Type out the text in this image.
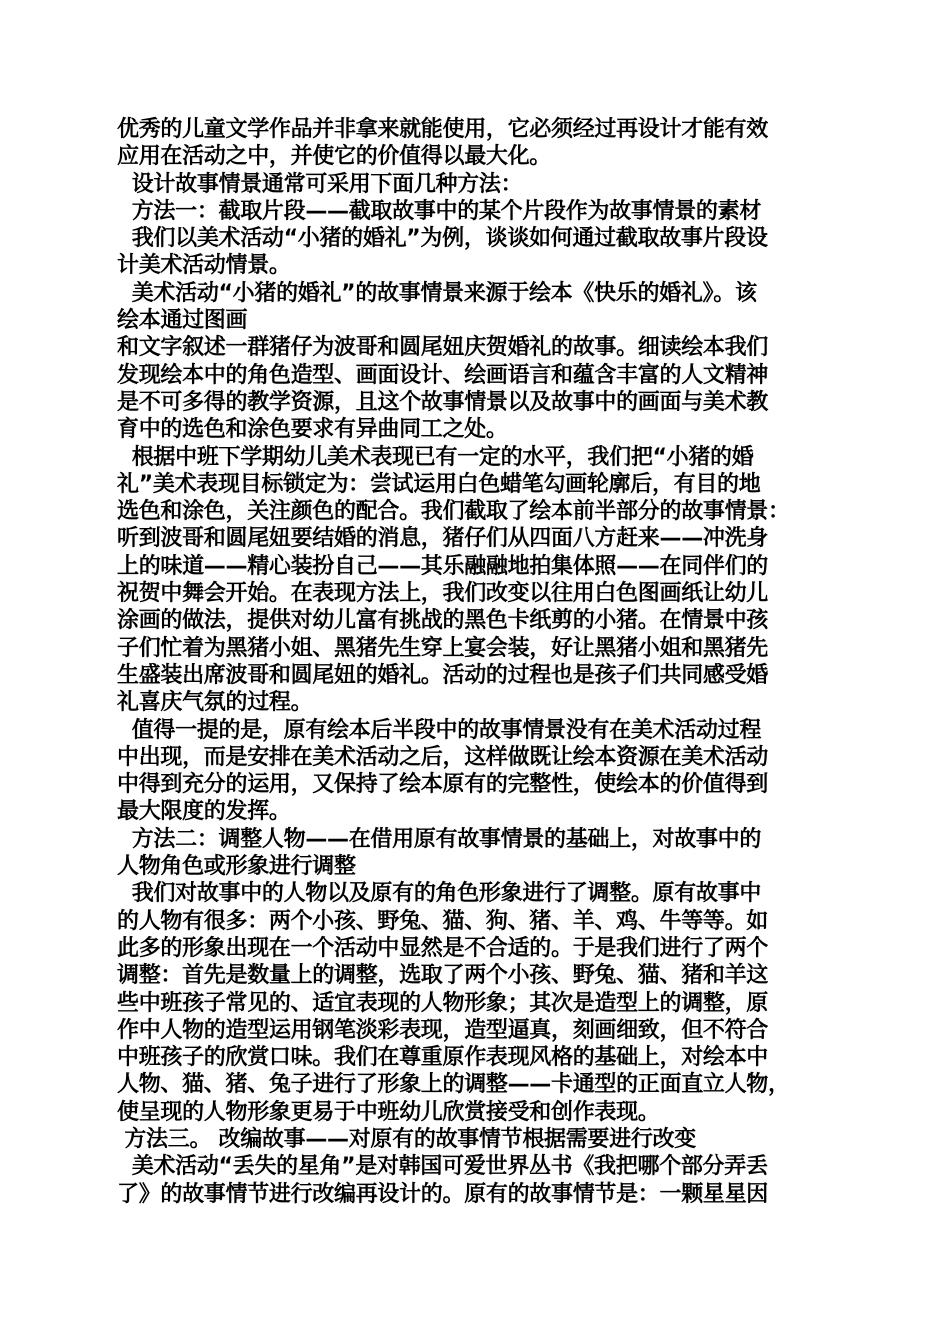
优秀的儿童文学作品并非拿来就能使用，它必须经过再设计才能有效

应用在活动之中，并使它的价值得以最大化。

设计故事情景通常可采用下面几种方法：

方法一：截取片段——截取故事中的某个片段作为故事情景的素材

我们以美术活动“小猪的婚礼”为例，谈谈如何通过截取故事片段设

计美术活动情景。

美术活动“小猪的婚礼”的故事情景来源于绘本《快乐的婚礼》。该

绘本通过图画

和文字叙述一群猪仔为波哥和圆尾妞庆贺婚礼的故事。细读绘本我们

发现绘本中的角色造型、画面设计、绘画语言和蕴含丰富的人文精神

是不可多得的教学资源，且这个故事情景以及故事中的画面与美术教

育中的选色和涂色要求有异曲同工之处。

根据中班下学期幼儿美术表现已有一定的水平，我们把“小猪的婚

礼”美术表现目标锁定为：尝试运用白色蜡笔勾画轮廓后，有目的地

选色和涂色，关注颜色的配合。我们截取了绘本前半部分的故事情景：

听到波哥和圆尾妞要结婚的消息，猪仔们从四面八方赶来——冲洗身

上的味道——精心装扮自己——其乐融融地拍集体照——在同伴们的

祝贺中舞会开始。在表现方法上，我们改变以往用白色图画纸让幼儿

涂画的做法，提供对幼儿富有挑战的黑色卡纸剪的小猪。在情景中孩

子们忙着为黑猪小姐、黑猪先生穿上宴会装，好让黑猪小姐和黑猪先

生盛装出席波哥和圆尾妞的婚礼。活动的过程也是孩子们共同感受婚

礼喜庆气氛的过程。

值得一提的是，原有绘本后半段中的故事情景没有在美术活动过程

中出现，而是安排在美术活动之后，这样做既让绘本资源在美术活动

中得到充分的运用，又保持了绘本原有的完整性，使绘本的价值得到

最大限度的发挥。

方法二：调整人物——在借用原有故事情景的基础上，对故事中的

人物角色或形象进行调整

我们对故事中的人物以及原有的角色形象进行了调整。原有故事中

的人物有很多：两个小孩、野兔、猫、狗、猪、羊、鸡、牛等等。如

此多的形象出现在一个活动中显然是不合适的。于是我们进行了两个

调整：首先是数量上的调整，选取了两个小孩、野兔、猫、猪和羊这

些中班孩子常见的、适宜表现的人物形象；其次是造型上的调整，原

作中人物的造型运用钢笔淡彩表现，造型逼真，刻画细致，但不符合

中班孩子的欣赏口味。我们在尊重原作表现风格的基础上，对绘本中

人物、猫、猪、兔子进行了形象上的调整——卡通型的正面直立人物，

使呈现的人物形象更易于中班幼儿欣赏接受和创作表现。

方法三。 改编故事——对原有的故事情节根据需要进行改变

美术活动“丢失的星角”是对韩国可爱世界丛书《我把哪个部分弄丢

了》的故事情节进行改编再设计的。原有的故事情节是：一颗星星因
